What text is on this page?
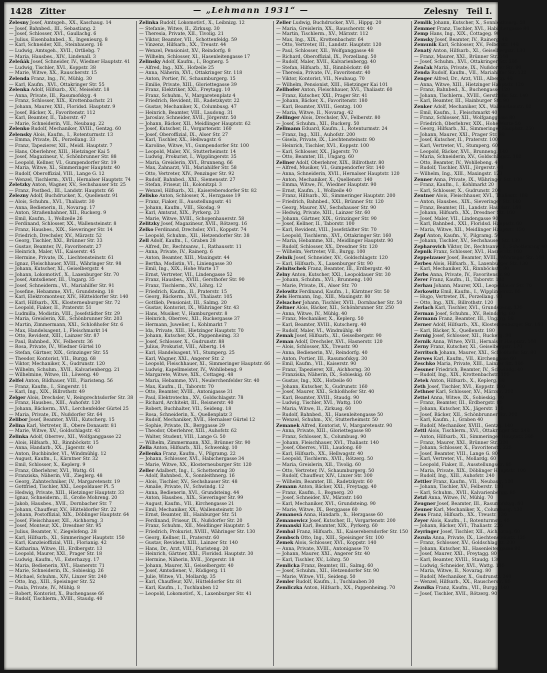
1428 Zitter	— „Lehmann 1931“ —	Zelesny Teil I.
Zelesny Josef, Amtsgeh., XX., Kaschaug. 14
— Josef, Bahnbed., III., Sebastiang. 2
— Josef, Schlosser, XVI., Gaullachg. 6
— Julius, Eisenbahnbed., X., Ingenieurg. 8
— Karl, Schneider, XII., Steinbauerg. 16
— Ludwig, Amtsgeh., XVII., Ortliebg. 7
— Maria, Hausbes., XIV., Lindenall. 3
Zeleňák Josef, Schneider, IV., Wiedner Hauptstr. 41
— Ludwig, Tischler, XVI., Koppstr. 38
— Marie, Witwe, XX., Rauscherstr. 15
Zelenda Franz, Ing., IV., Mühlg. 30
— Karl, Kaufm., XVI., Ottakringer Str. 55
Zelenka Adolf, Hilfsarb., XV., Meiselstr. 18
— Anna, Private, III., Rasumofskyg. 4
— Franz, Schlosser, XIX., Krottenbachstr. 21
— Johann, Maurer, XXI., Floridsd. Hauptstr. 9
— Josef, Bäcker, X., Favoritenstr. 112
— Karl, Beamter, II., Taborstr. 47
— Marie, Schneiderin, VII., Neubaug. 22
Zelenko Rudolf, Mechaniker, XVIII., Gentzg. 60
Zelensky Alois, Kaufm., I., Rotenturmstr. 13
— Emma, Private, IX., Porzellang. 33
— Franz, Tapezierer, XII., Meidl. Hauptstr. 7
— Hans, Oberlehrer, XIII., Hietzinger Kai 5
— Josef, Magazineur, V., Schönbrunner Str. 88
— Leopold, Kellner, VI., Gumpendorfer Str. 19
— Maria, Witwe, XI., Simmeringer Hauptstr. 40
— Rudolf, Oberoffizial, VIII., Lange G. 12
— Wenzel, Tischlerm., XVII., Hernalser Hauptstr. 74
Zeletzky Anton, Wagner, XV., Sechshauser Str. 25
— Franz, Postbed., III., Landstr. Hauptstr. 66
Zelezny Adolf, Buchdrucker, X., Quellenstr. 91
— Alois, Schuhm., XVI., Thaliastr. 30
— Anna, Bedienerin, II., Novarag. 17
— Anton, Straßenbahner, XII., Ruckerg. 9
— Emil, Kaufm., I., Wollzeile 26
— Ferdinand, Schlosser, XX., Wallensteinstr. 8
— Franz, Hausbes., XIX., Sieveringer Str. 14
— Friedrich, Drechsler, XV., Märzstr. 52
— Georg, Tischler, XXI., Brünner Str. 33
— Gustav, Beamter, IV., Favoritenstr. 27
— Heinrich, Maler, VII., Kaiserstr. 45
— Hermine, Private, IX., Liechtensteinstr. 61
— Ignaz, Fleischhauer, XVIII., Währinger Str. 98
— Johann, Kutscher, XI., Geiselbergstr. 4
— Johann, Lokomotivf., X., Laxenburger Str. 70
— Josef, Amtsdiener, III., Ungarg. 35
— Josef, Schneiderm., VI., Mariahilfer Str. 91
— Josefine, Hebamme, XVI., Grundsteing. 18
— Karl, Elektromonteur, XIV., Hütteldorfer Str. 140
— Karl, Hilfsarb., XX., Klosterneuburger Str. 72
— Leopold, Fiaker, II., Praterstr. 51
— Ludmilla, Modistin, VIII., Josefstädter Str. 29
— Maria, Greislerin, XII., Schönbrunner Str. 203
— Martin, Zimmermann, XXI., Schloßhofer Str. 6
— Max, Handelsagent, I., Fleischmarkt 14
— Otto, Revident, XIII., Lainzer Str. 87
— Paul, Bahnbed., XV., Felberstr. 36
— Rosa, Private, IV., Wiedner Gürtel 10
— Stefan, Gärtner, XIX., Grinzinger Str. 55
— Theodor, Kontorist, VII., Burgg. 68
— Viktor, Mechaniker, X., Gudrunstr. 120
— Wilhelm, Schuhm., XVII., Kalvarienbergg. 21
— Wilhelmine, Witwe, III., Löweng. 40
Zelfel Anton, Bildhauer, VIII., Piaristeng. 56
— Franz, Kaufm., I., Singerstr. 11
— Karl, Ing., XIX., Billrothstr. 49
Zelger Alois, Drechsler, V., Reinprechtsdorfer Str. 38
— Franz, Hausbes., XIII., Auhofstr. 120
— Johann, Bäckerm., XVI., Lerchenfelder Gürtel 25
— Maria, Private, IX., Nußdorfer Str. 64
Zelibor Josef, Beamter, XVIII., Kutscherg. 15
Zelina Karl, Vertreter, II., Obere Donaustr. 81
— Marie, Witwe, XV., Goldschlagstr. 43
Zelinka Adolf, Oberrev., XII., Wolfganggasse 22
— Alois, Hilfsarb., XI., Rinnböckstr. 15
— Anna, Handarb., XX., Jägerstr. 40
— Anton, Buchbinder, VI., Windmühlg. 12
— August, Kaufm., I., Kärntner Str. 32
— Emil, Schlosser, X., Keplerg. 9
— Franz, Oberlehrer, XVI., Wattg. 61
— Franziska, Näherin, VII., Zieglerg. 48
— Georg, Zahntechniker, IV., Margaretenstr. 19
— Gottfried, Tischler, XXI., Leopoldauer Pl. 5
— Hedwig, Private, XIII., Hietzinger Hauptstr. 33
— Ignaz, Schneiderm., II., Große Mohreng. 20
— Jakob, Hausbes., XVII., Dornbacher Str. 7
— Johann, Chauffeur, XV., Hütteldorfer Str. 22
— Johann, Postoffizial, XIX., Döblinger Hauptstr. 64
— Josef, Fleischhauer, XII., Aichhorng. 3
— Josef, Monteur, XX., Dresdner Str. 95
— Julius, Beamter, V., Ziegelofeng. 28
— Karl, Hilfsarb., XI., Simmeringer Hauptstr. 150
— Karl, Kanzleioffizial, VIII., Florianig. 42
— Katharina, Witwe, III., Erdbergstr. 13
— Leopold, Maurer, XXI., Prager Str. 18
— Ludwig, Kaufm., VI., Esterhazyg. 17
— Maria, Bedienerin, XVI., Hasnerstr. 71
— Marie, Schneiderin, IX., Sobieskig. 26
— Michael, Schuhm., XIV., Linzer Str. 240
— Otto, Ing., XIII., Speisinger Str. 52
— Paula, Private, IV., Mühlg. 8
— Robert, Kontorist, X., Buchengasse 66
— Rudolf, Tischlerm., XVIII., Staudg. 40
Zelinka Rudolf, Lokomotivf., X., Leibnizg. 12
— Stefanie, Witwe, II., Zirkusg. 30
— Theresia, Private, XII., Tivolig. 21
— Viktor, Beamter, VII., Schottenfeldg. 59
— Vinzenz, Hilfsarb., XX., Treustr. 44
— Wenzel, Pensionist, XV., Reindorfg. 8
— Wilhelm, Schlosser, XI., Hasenleitengasse 17
Zelinsky Adolf, Kaufm., I., Bognerg. 5
— Alfred, Ing., XIX., Hofzeile 25
— Anna, Näherin, XVI., Ottakringer Str. 118
— Anton, Portier, IV., Schaumburgerg. 15
— Emilie, Private, XIII., Gloriettegasse 39
— Franz, Elektriker, XXI., Freytagg. 10
— Franz, Schuhm., V., Margaretenplatz 4
— Friedrich, Revident, III., Radetzkystr. 22
— Gustav, Mechaniker, X., Columbusg. 47
— Heinrich, Beamter, VIII., Laudong. 31
— Jaroslav, Schneider, XVII., Jörgerstr. 50
— Johann, Bäcker, XII., Meidlinger Hauptstr. 62
— Josef, Kutscher, II., Vorgartenstr. 160
— Josef, Oberoffizial, IX., Alser Str. 27
— Karl, Tischler, XX., Hellwagstr. 6
— Karoline, Witwe, VI., Gumpendorfer Str. 100
— Leopold, Maler, XV., Stutterheimstr. 14
— Ludwig, Prokurist, I., Wipplingerstr. 35
— Maria, Greislerin, XVI., Brunneng. 66
— Max, Zahnarzt, VII., Mariahilfer Str. 58
— Otto, Vertreter, XIV., Penzinger Str. 92
— Rudolf, Bahnbed., XXI., Siemensstr. 27
— Stefan, Friseur, III., Kolonitzpl. 3
— Wenzel, Hilfsarb., XI., Kaiserebersdorfer Str. 82
Zelisko Anton, Schlosser, X., Herzgasse 19
— Franz, Fiaker, II., Ausstellungsstr. 41
— Johann, Kaufm., VIII., Skodag. 9
— Karl, Amtsrat, XIX., Pyrkerg. 23
— Marie, Witwe, XVIII., Schopenhauerstr. 58
Zelitzky Josef, Magazineur, XVII., Rötzerg. 16
Zelko Ferdinand, Drechsler, XVI., Koppstr. 74
— Leopold, Schuhm., XII., Hetzendorfer Str. 38
Zell Adolf, Kaufm., I., Graben 28
— Alfred, Dr., Rechtsanw., I., Rathausstr. 11
— Anna, Private, IV., Rainerg. 6
— Anton, Beamter, XIII., Maxingstr. 44
— Bertha, Modistin, VI., Liniengasse 30
— Emil, Ing., XIX., Hohe Warte 17
— Ernst, Vertreter, VII., Lindengasse 52
— Franz, Hausbes., XVIII., Gersthofer Str. 90
— Franz, Tischlerm., XV., Löhrg. 12
— Friedrich, Kaufm., II., Praterstr. 15
— Georg, Bäckerm., XVI., Thaliastr. 105
— Gottlieb, Pensionist, III., Salmg. 20
— Gustav, Kontorist, IX., Währinger Str. 43
— Hans, Musiker, V., Hamburgerstr. 8
— Heinrich, Oberrev., XII., Ruckergasse 37
— Hermann, Juwelier, I., Kohlmarkt 7
— Ida, Private, XIII., Hietzinger Hauptstr. 70
— Johann, Kutscher, XX., Pappenheimg. 33
— Josef, Schlosser, X., Gudrunstr. 88
— Julius, Prokurist, VIII., Albertg. 14
— Karl, Handelsagent, VI., Stumperg. 25
— Karl, Wagner, XXI., Angerer Str. 2
— Leopold, Fleischhauer, XI., Simmeringer Hauptstr. 66
— Ludwig, Kapellmeister, IV., Wohllebeng. 9
— Margarete, Witwe, XIX., Cottageg. 48
— Maria, Hebamme, XVI., Neulerchenfelder Str. 40
— Max, Kaufm., II., Taborstr. 70
— Otto, Beamter, XVIII., Antonigasse 31
— Paul, Elektrotechn., XV., Goldschlagstr. 78
— Richard, Architekt, III., Reisnerstr. 40
— Robert, Buchhalter, VII., Seideng. 18
— Rosa, Schneiderin, X., Quellenplatz 3
— Rudolf, Mechaniker, XVII., Hernalser Gürtel 12
— Sophie, Private, IX., Berggasse 29
— Theodor, Oberlehrer, XIII., Auhofstr. 62
— Walter, Student, VIII., Lange G. 50
— Wilhelm, Zimmermann, XXI., Brünner Str. 90
Zella Anton, Hilfsarb., XII., Schwenkg. 10
Zellenka Franz, Kaufm., V., Pilgramg. 22
— Johann, Schlosser, XVI., Habichergasse 34
— Marie, Witwe, XX., Klosterneuburger Str. 120
Zeller Adalbert, Ing., I., Schottenring 30
— Adolf, Bahnbed., X., Sonnleithnerg. 16
— Alois, Tischler, XV., Sechshauser Str. 48
— Amalie, Private, IV., Schwindg. 12
— Anna, Bedienerin, XVI., Grundsteing. 44
— Anton, Hausbes., XIX., Sieveringer Str. 99
— August, Kaufm., VII., Kirchengasse 21
— Emil, Mechaniker, XX., Wallensteinstr. 30
— Ernst, Beamter, III., Hainburger Str. 51
— Ferdinand, Friseur, IX., Nußdorfer Str. 20
— Franz, Schuhm., XII., Meidlinger Hauptstr. 5
— Friedrich, Prokurist, XVIII., Währinger Str. 130
— Georg, Kellner, II., Praterstr. 60
— Gustav, Revident, XIII., Lainzer Str. 140
— Hans, Dr., Arzt, VIII., Piaristeng. 20
— Heinrich, Gärtner, XXI., Floridsd. Hauptstr. 30
— Hermine, Näherin, XVII., Jörgerstr. 18
— Johann, Maurer, XI., Geiselbergstr. 40
— Josef, Amtsdiener, V., Rüdigerg. 11
— Julie, Witwe, VI., Mollardg. 35
— Karl, Chauffeur, XIV., Hütteldorfer Str. 81
— Karl, Kaufm., I., Tuchlauben 12
— Leopold, Lokomotivf., X., Laxenburger Str. 41
Zeller Ludwig, Buchdrucker, XVI., Hippg. 20
— Maria, Greislerin, XX., Rauscherstr. 40
— Martin, Tischlerm., XV., Märzstr. 112
— Max, Ing., XIX., Krottenbachstr. 64
— Otto, Vertreter, III., Landstr. Hauptstr. 120
— Paul, Schlosser, XII., Wolfganggasse 48
— Richard, Oberoffizial, IX., Porzellang. 50
— Rudolf, Maler, XVII., Kalvarienbergg. 40
— Stefan, Hilfsarb., XI., Rinnböckstr. 60
— Theresia, Private, IV., Favoritenstr. 40
— Viktor, Kontorist, VII., Neubaug. 70
— Wilhelm, Pensionist, XIII., Hietzinger Kai 101
Zellhofer Anton, Fleischhauer, XVI., Thaliastr. 60
— Franz, Kutscher, XXI., Prager Str. 41
— Johann, Bäcker, X., Favoritenstr. 180
— Karl, Beamter, XVIII., Gentzg. 100
— Maria, Witwe, II., Novarag. 42
Zellinger Alois, Drechsler, XV., Felberstr. 80
— Josef, Schuhm., XII., Ruckerg. 50
Zellmann Eduard, Kaufm., I., Rotenturmstr. 24
— Franz, Ing., XIII., Auhofstr. 200
— Gisela, Private, IX., Liechtensteinstr. 90
— Heinrich, Tischler, XVI., Koppstr. 100
— Karl, Schlosser, XX., Jägerstr. 70
— Otto, Beamter, III., Ungarg. 60
Zellner Adolf, Oberlehrer, XIX., Billrothstr. 80
— Alfred, Musiker, VI., Gumpendorfer Str. 140
— Anna, Schneiderin, XVII., Hernalser Hauptstr. 120
— Anton, Mechaniker, X., Quellenstr. 140
— Emma, Witwe, IV., Wiedner Hauptstr. 90
— Ernst, Kaufm., I., Wollzeile 40
— Franz, Hilfsarb., XI., Simmeringer Hauptstr. 200
— Friedrich, Bahnbed., XXI., Brünner Str. 120
— Georg, Maurer, XV., Sechshauser Str. 90
— Hedwig, Private, XIII., Lainzer Str. 60
— Johann, Gärtner, XIX., Grinzinger Str. 90
— Josef, Kellner, II., Taborstr. 100
— Karl, Revident, VIII., Josefstädter Str. 70
— Leopold, Tischlerm., XVI., Ottakringer Str. 160
— Maria, Hebamme, XII., Meidlinger Hauptstr. 90
— Rudolf, Schlosser, XX., Dresdner Str. 120
— Wilhelm, Vertreter, VII., Burgg. 100
Zelnik Josef, Schneider, XV., Goldschlagstr. 120
— Karl, Hilfsarb., X., Laxenburger Str. 90
Zelnitschek Franz, Beamter, III., Erdbergstr. 40
Zelny Anton, Kutscher, XXI., Leopoldauer Str. 30
— Johann, Schuhm., XVI., Brunneng. 100
— Marie, Private, IX., Alser Str. 70
Zelowitz Ferdinand, Kaufm., I., Kärntner Str. 50
Zels Hermann, Ing., XIII., Maxingstr. 80
Zelsacher Johann, Tischler, XVII., Dornbacher Str. 50
Zeltner Alois, Bäcker, XII., Schönbrunner Str. 250
— Anna, Witwe, IV., Mühlg. 40
— Franz, Mechaniker, X., Keplerg. 50
— Karl, Beamter, XVIII., Kutscherg. 40
— Rudolf, Maler, VI., Windmühlg. 40
Zemak Josef, Hilfsarb., XI., Geiselbergstr. 90
Zeman Adolf, Drechsler, XVI., Hasnerstr. 120
— Alois, Schlosser, XX., Treustr. 90
— Anna, Bedienerin, XV., Reindorfg. 40
— Anton, Portier, III., Rasumofskyg. 30
— Emil, Kaufm., VII., Kaiserstr. 90
— Franz, Tapezierer, XII., Aichhorng. 30
— Franziska, Näherin, IX., Sobieskig. 60
— Gustav, Ing., XIX., Hofzeile 60
— Johann, Kutscher, X., Gudrunstr. 160
— Josef, Maurer, XXI., Schloßhofer Str. 40
— Karl, Beamter, XVIII., Staudg. 90
— Ludwig, Tischler, XVI., Wattg. 100
— Maria, Witwe, II., Zirkusg. 60
— Rudolf, Bahnbed., XI., Hasenleitengasse 50
— Wenzel, Schuhm., XV., Stutterheimstr. 50
Zemanek Alfred, Kontorist, V., Margaretenstr. 90
— Anna, Private, XIII., Gloriettegasse 80
— Franz, Schlosser, X., Columbusg. 90
— Johann, Fleischhauer, XVI., Thaliastr. 140
— Josef, Oberrev., VIII., Laudong. 60
— Karl, Hilfsarb., XX., Hellwagstr. 40
— Leopold, Tischlerm., XVII., Rötzerg. 50
— Maria, Greislerin, XII., Tivolig. 60
— Otto, Vertreter, IV., Schaumburgerg. 50
— Rudolf, Chauffeur, XIV., Linzer Str. 300
— Wilhelm, Beamter, III., Radetzkystr. 60
Zemann Anton, Bäcker, XXI., Freytagg. 40
— Franz, Kaufm., I., Bognerg. 20
— Josef, Schneider, XV., Märzstr. 160
— Karl, Mechaniker, XVI., Grundsteing. 90
— Marie, Witwe, IX., Berggasse 60
Zemanová Anna, Handarb., X., Herzgasse 60
Zemanowicz Josef, Kutscher, II., Vorgartenstr. 200
Zemanski Karl, Beamter, XIX., Pyrkerg. 60
Zembal Franz, Hilfsarb., XI., Kaiserebersdorfer Str. 150
Zembsch Otto, Ing., XIII., Speisinger Str. 100
Zemek Alois, Schlosser, XVI., Koppstr. 140
— Anna, Private, XVIII., Antonigasse 70
— Johann, Maurer, XXI., Angerer Str. 40
— Karl, Tischler, XV., Löhrg. 50
Zemlicka Franz, Beamter, III., Salmg. 60
— Josef, Schuhm., XII., Hetzendorfer Str. 90
— Marie, Witwe, VII., Seideng. 50
Zemler Rudolf, Kaufm., I., Tuchlauben 30
Zemliczka Anton, Hilfsarb., XX., Pappenheimg. 70
Zemlik Johann, Kutscher, X., Sonnleithnerg. 50
Zemmer Franz, Tischler, XVI., Habichergasse 80
Zemp Hans, Ing., XIX., Cottageg. 90
Zemsky Josef, Beamter, IV., Rainerg. 40
Zemunik Karl, Schlosser, XV., Felberstr. 140
Zenatý Anton, Hilfsarb., XI., Geiselbergstr. 130
— Franz, Maurer, XXI., Brünner Str. 160
— Josef, Schuhm., XVI., Ottakringer Str. 200
Zenčak Maria, Private, IX., Nußdorfer Str. 90
Zenda Rudolf, Kaufm., VII., Mariahilfer Str. 120
Zenger Alfred, Dr., Arzt, VIII., Albertg. 40
— Anna, Witwe, XIII., Hietzinger Hauptstr. 120
— Franz, Bahnbed., X., Buchengasse 120
— Johann, Tischlerm., XVIII., Gersthofer Str. 140
— Karl, Beamter, III., Hainburger Str. 90
Zenker Adolf, Mechaniker, XX., Wallensteinstr. 60
— Emil, Kaufm., I., Fleischmarkt 40
— Franz, Schlosser, XII., Wolfganggasse 80
— Friedrich, Oberlehrer, XIX., Hohe Warte 50
— Georg, Hilfsarb., XI., Simmeringer Hauptstr. 250
— Johann, Maurer, XXI., Prager Str. 80
— Josef, Kutscher, II., Praterstr. 100
— Karl, Vertreter, VI., Stumperg. 60
— Leopold, Bäcker, XVI., Brunneng. 140
— Maria, Schneiderin, XV., Goldschlagstr. 160
— Otto, Beamter, IV., Wohllebeng. 40
— Rudolf, Tischler, XVII., Jörgerstr. 60
— Wilhelm, Ing., XIII., Maxingstr. 120
Zenner Anna, Private, IX., Währinger Str. 100
— Franz, Kaufm., I., Kohlmarkt 20
— Karl, Schlosser, X., Gudrunstr. 200
Zentner Alois, Fleischhauer, XVI., Thaliastr. 180
— Anton, Hausbes., XIX., Sieveringer Str. 140
— Franz, Beamter, III., Landstr. Hauptstr. 160
— Johann, Hilfsarb., XX., Dresdner Str. 160
— Josef, Maler, VII., Lindengasse 90
— Karl, Bahnbed., XXI., Floridsd. Hauptstr. 60
— Maria, Witwe, XII., Meidlinger Hauptstr. 130
Zepf Anton, Kaufm., V., Pilgramg. 50
— Johann, Tischler, XV., Sechshauser Str. 130
Zepharovich Viktor, Dr., Rechtsanw., I., Schottenring 40
Zepnik Franz, Schlosser, XVI., Hasnerstr. 160
Zeppelzauer Josef, Beamter, XVIII., Währinger Str. 160
Zerbes Alois, Hilfsarb., X., Laxenburger Str. 130
— Karl, Mechaniker, XI., Rinnböckstr. 90
Zerbs Anna, Private, IV., Favoritenstr. 90
Zerer Franz, Kaufm., II., Taborstr. 140
Zerhau Johann, Maurer, XXI., Leopoldauer Str. 70
Zerkowitz Emil, Kaufm., I., Wipplingerstr. 60
— Hugo, Vertreter, IX., Porzellang. 90
— Otto, Ing., XIX., Billrothstr. 120
Zerlach Karl, Tischler, XVI., Grundsteing. 130
Zerman Josef, Schuhm., XV., Reindorfg. 80
Zermann Franz, Beamter, III., Ungarg. 90
Zerner Adolf, Hilfsarb., XX., Klosterneuburger Str. 160
— Karl, Bäcker, X., Quellenstr. 180
Zernig Josef, Schlosser, XII., Ruckerg. 90
Zernik Anna, Witwe, XVII., Hernalser Hauptstr. 160
Zerny Franz, Kutscher, XI., Geiselbergstr. 170
Zerritsch Johann, Maurer, XXI., Schloßhofer Str. 80
Zerwes Karl, Kaufm., VII., Kirchengasse 60
Zeschko Maria, Private, XIII., Lainzer Str. 100
Zessner Friedrich, Beamter, IV., Schwindg. 40
— Rudolf, Ing., XIX., Krottenbachstr. 100
Zetek Anton, Hilfsarb., X., Keplerg. 90
Zeth Josef, Tischler, XVI., Koppstr. 180
Zethner Karl, Schlosser, XV., Märzstr. 200
Zettel Anna, Witwe, IX., Sobieskig. 90
— Franz, Beamter, III., Erdbergstr. 80
— Johann, Kutscher, XX., Jägerstr. 110
— Josef, Bäcker, XII., Schönbrunner Str. 300
— Karl, Kaufm., I., Graben 40
— Rudolf, Mechaniker, XVIII., Gentzg. 140
Zettl Alois, Tischlerm., XVI., Ottakringer Str. 240
— Anton, Hilfsarb., XI., Simmeringer Hauptstr. 300
— Franz, Maurer, XXI., Brünner Str. 200
— Johann, Schlosser, X., Favoritenstr. 220
— Josef, Beamter, VIII., Lange G. 80
— Karl, Vertreter, VI., Mollardg. 60
— Leopold, Fiaker, II., Ausstellungsstr. 80
— Maria, Private, XIX., Döblinger Hauptstr. 100
— Rudolf, Ing., XIII., Auhofstr. 240
Zettler Franz, Kaufm., VII., Neubaug. 100
— Johann, Tischler, XV., Felberstr. 180
— Karl, Schuhm., XVII., Kalvarienbergg. 80
Zetzl Anna, Witwe, IV., Mühlg. 70
Zeugner Josef, Beamter, III., Rasumofskyg. 60
Zeuner Karl, Mechaniker, X., Columbusg. 130
Zeus Franz, Hilfsarb., XX., Treustr. 130
Zeyer Alois, Kaufm., I., Rotenturmstr. 40
— Johann, Bäcker, XVI., Thaliastr. 220
Zeyringer Josef, Tischler, XII., Aichhorng. 60
Zezula Anna, Private, IX., Liechtensteinstr. 130
— Franz, Schlosser, XV., Goldschlagstr. 200
— Johann, Kutscher, XI., Hasenleitengasse 90
— Josef, Maurer, XXI., Freytagg. 80
— Karl, Beamter, XVIII., Staudg. 130
— Ludwig, Schneider, XVI., Wattg. 140
— Maria, Witwe, II., Novarag. 80
— Rudolf, Mechaniker, X., Gudrunstr. 240
— Wenzel, Hilfsarb., XX., Rauscherstr. 80
Zezulka Franz, Kaufm., VII., Burgg. 140
— Josef, Tischler, XVII., Rötzerg. 90
